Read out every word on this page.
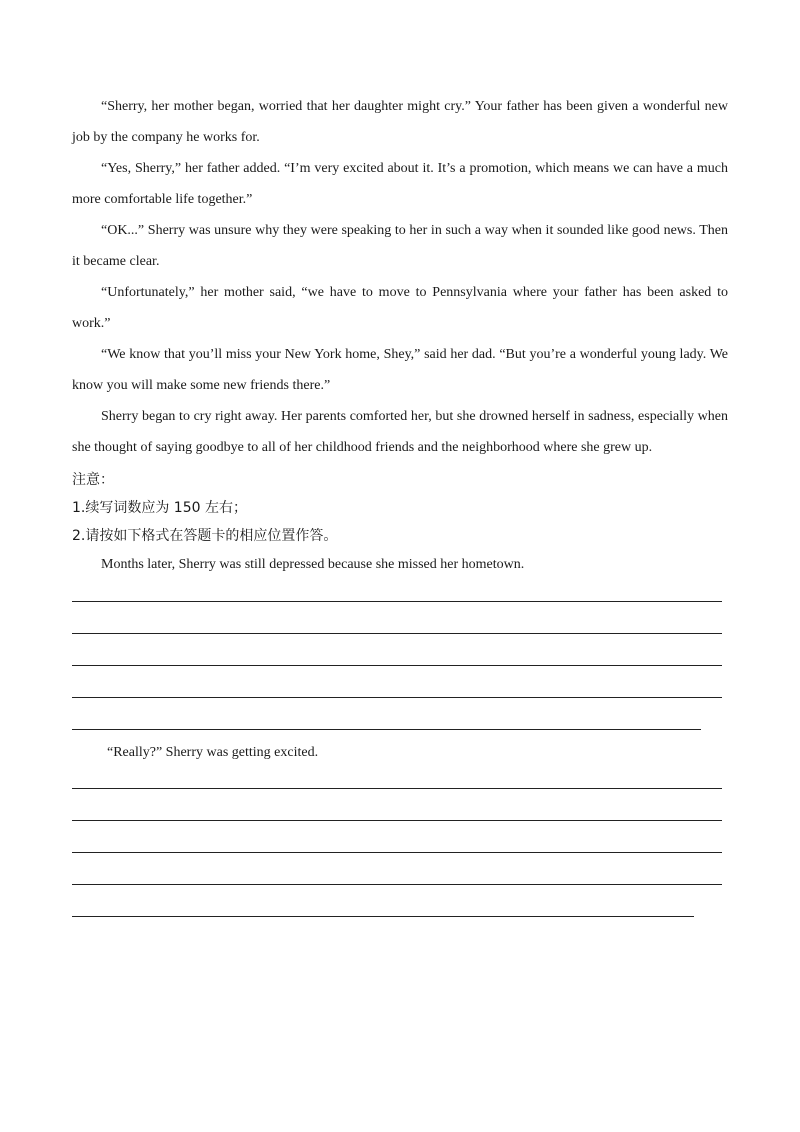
“Sherry, her mother began, worried that her daughter might cry.” Your father has been given a wonderful new job by the company he works for.

“Yes, Sherry,” her father added. “I’m very excited about it. It’s a promotion, which means we can have a much more comfortable life together.”

“OK...” Sherry was unsure why they were speaking to her in such a way when it sounded like good news. Then it became clear.

“Unfortunately,” her mother said, “we have to move to Pennsylvania where your father has been asked to work.”

“We know that you’ll miss your New York home, Shey,” said her dad. “But you’re a wonderful young lady. We know you will make some new friends there.”

Sherry began to cry right away. Her parents comforted her, but she drowned herself in sadness, especially when she thought of saying goodbye to all of her childhood friends and the neighborhood where she grew up.

注意：

1.续写词数应为 150 左右；

2.请按如下格式在答题卡的相应位置作答。

Months later, Sherry was still depressed because she missed her hometown.

“Really?” Sherry was getting excited.
